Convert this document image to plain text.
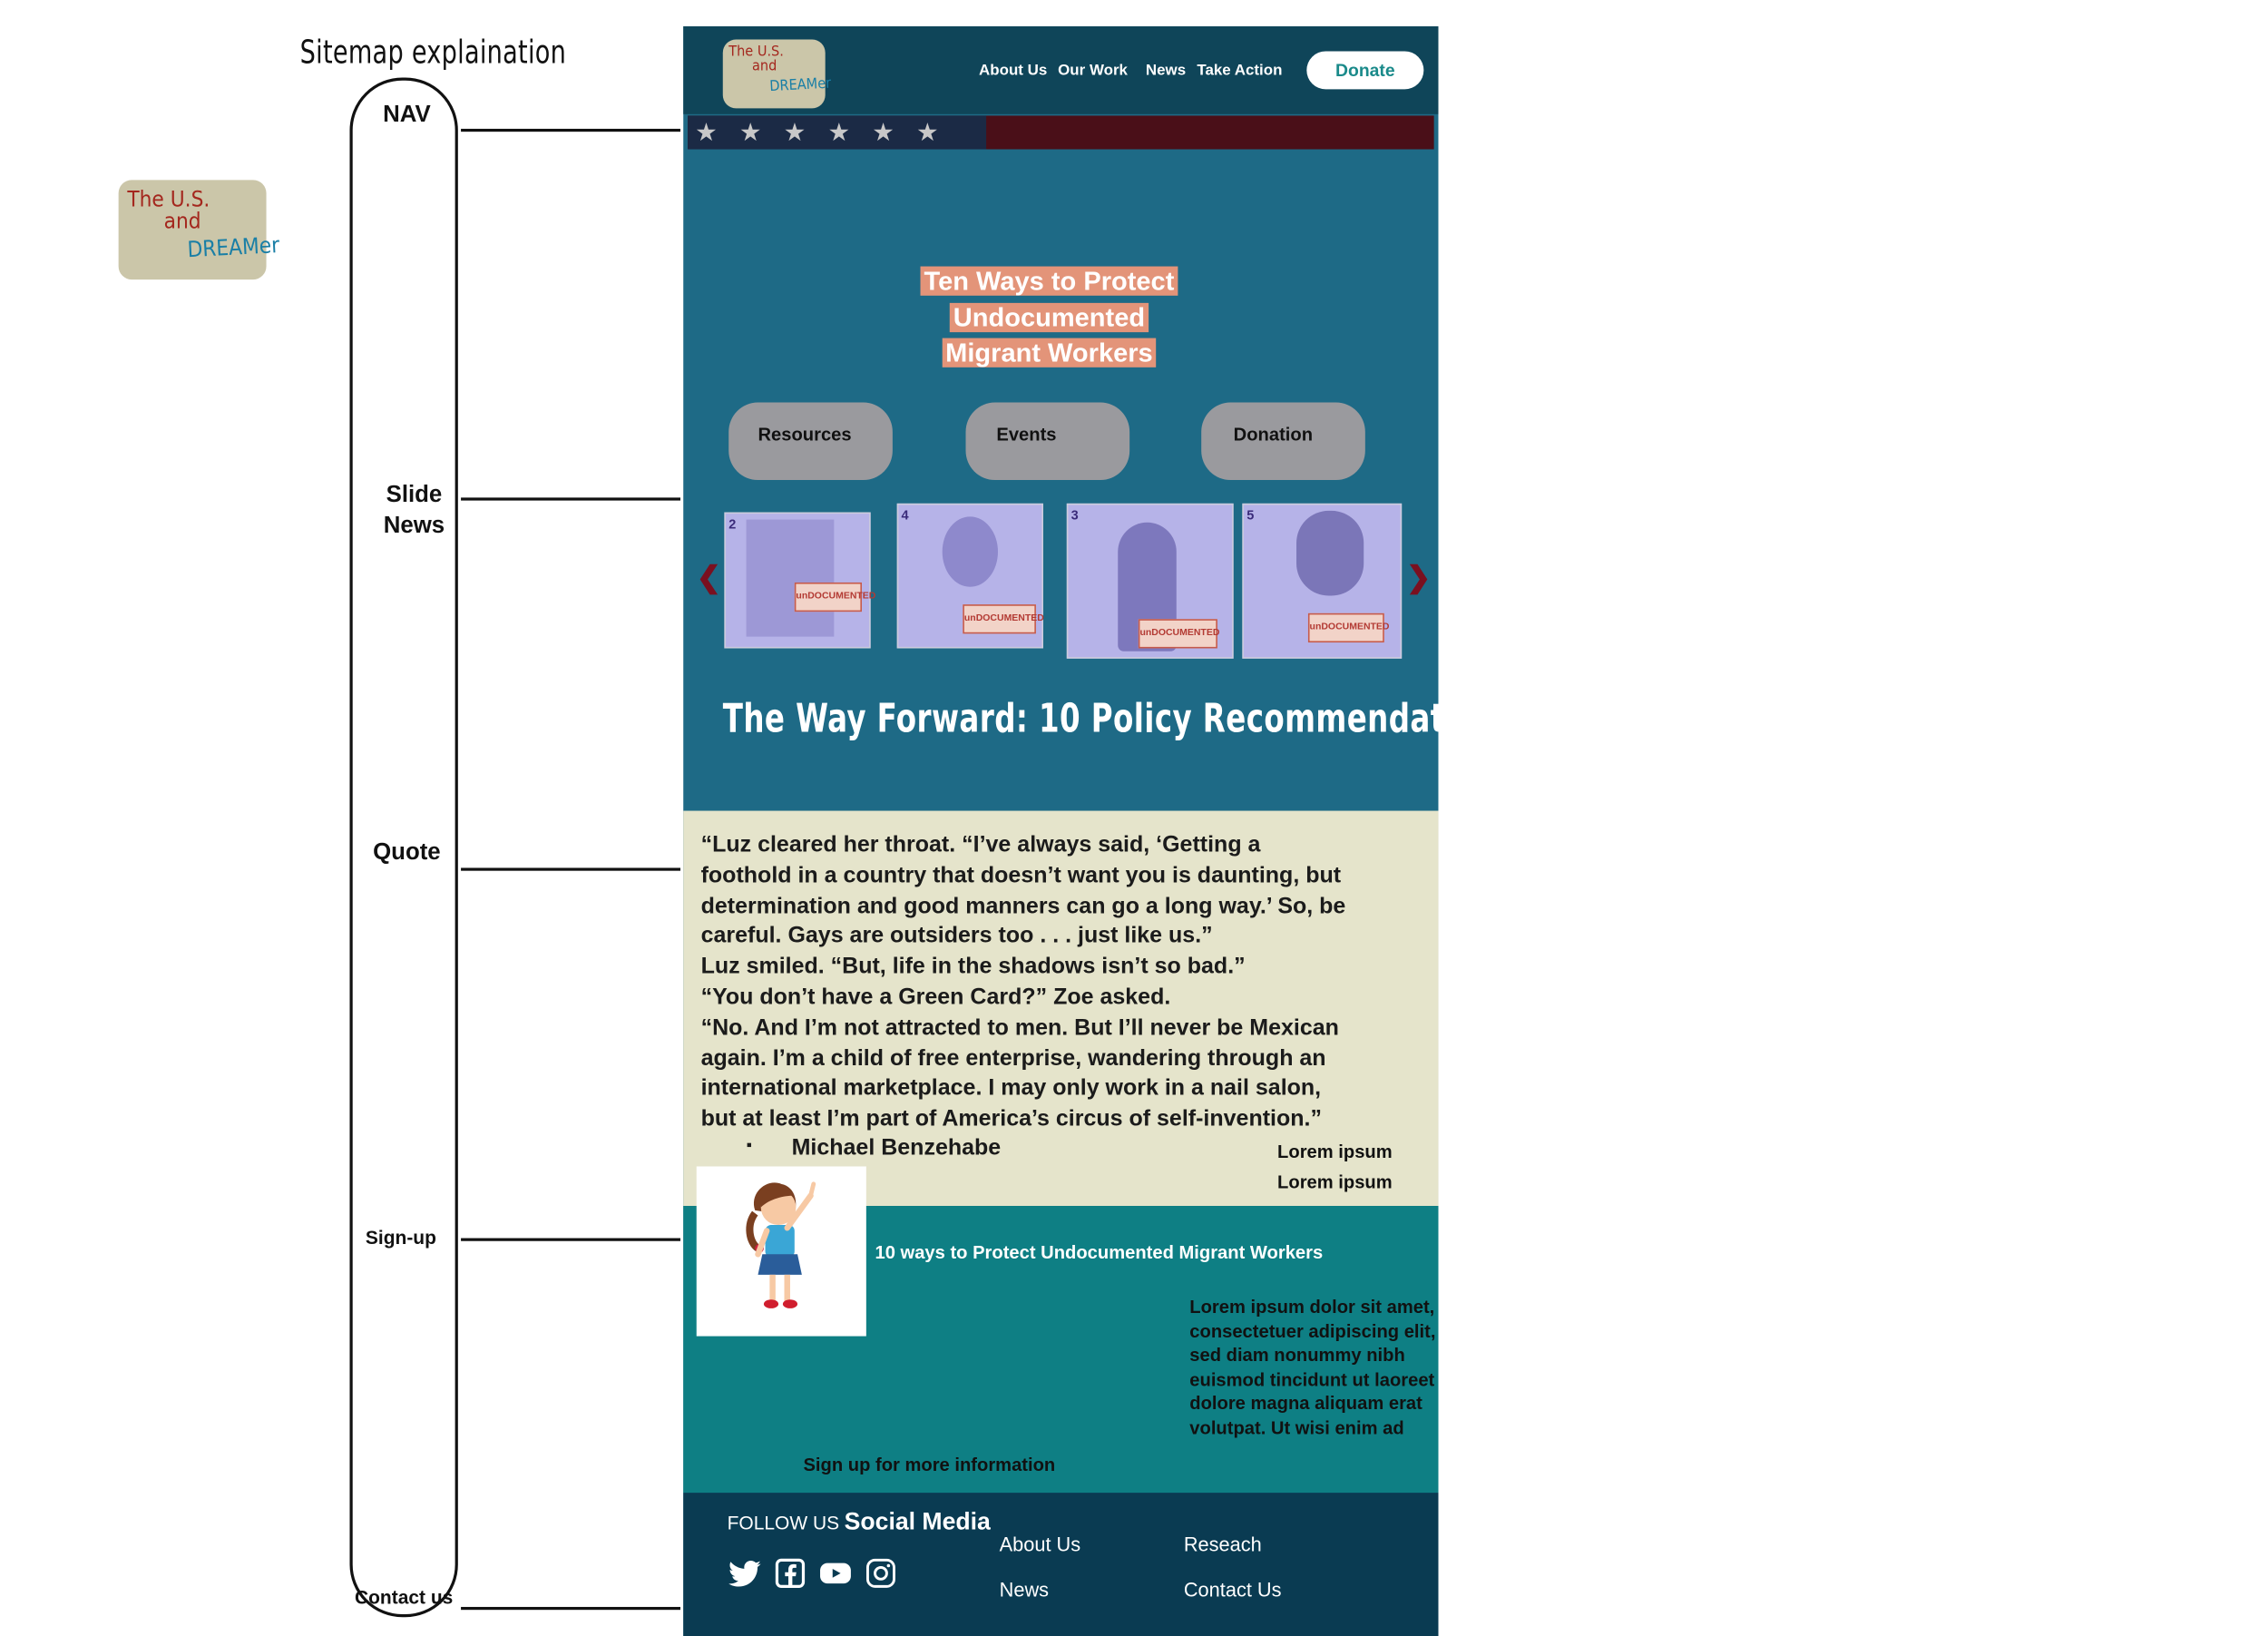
Sitemap explaination
NAV
Slide
News
Quote
Sign-up
Contact us
The U.S.
and
DREAMer
The U.S.
and
DREAMer
About Us Our Work News Take Action	Donate
★★★★★★
Ten Ways to Protect
Undocumented
Migrant Workers
Resources	Events	Donation
❮	❯
2
unDOCUMENTED
4
unDOCUMENTED
3
unDOCUMENTED
5
unDOCUMENTED
The Way Forward: 10 Policy Recommendations
“Luz cleared her throat. “I’ve always said, ‘Getting a
foothold in a country that doesn’t want you is daunting, but
determination and good manners can go a long way.’ So, be
careful. Gays are outsiders too . . . just like us.”
Luz smiled. “But, life in the shadows isn’t so bad.”
“You don’t have a Green Card?” Zoe asked.
“No. And I’m not attracted to men. But I’ll never be Mexican
again. I’m a child of free enterprise, wandering through an
international marketplace. I may only work in a nail salon,
but at least I’m part of America’s circus of self-invention.”
▪	Michael Benzehabe	Lorem ipsum
Lorem ipsum
10 ways to Protect Undocumented Migrant Workers
Lorem ipsum dolor sit amet, consectetuer adipiscing elit, sed diam nonummy nibh euismod tincidunt ut laoreet dolore magna aliquam erat volutpat. Ut wisi enim ad
Sign up for more information
FOLLOW US Social Media
About Us	Reseach
News	Contact Us
